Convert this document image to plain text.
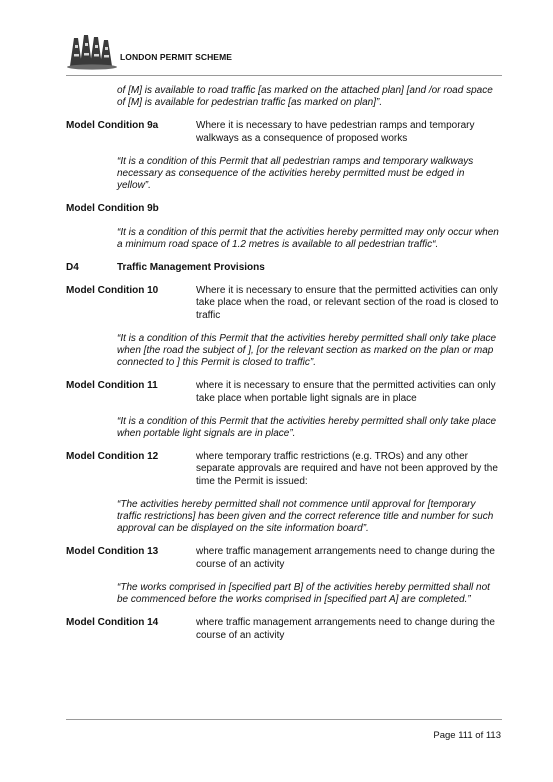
LONDON PERMIT SCHEME
of [M] is available to road traffic [as marked on the attached plan] [and /or road space of [M] is available for pedestrian traffic [as marked on plan]”.
Model Condition 9a	Where it is necessary to have pedestrian ramps and temporary walkways as a consequence of proposed works
“It is a condition of this Permit that all pedestrian ramps and temporary walkways necessary as consequence of the activities hereby permitted must be edged in yellow”.
Model Condition 9b
“It is a condition of this permit that the activities hereby permitted may only occur when a minimum road space of 1.2 metres is available to all pedestrian traffic“.
D4	Traffic Management Provisions
Model Condition 10	Where it is necessary to ensure that the permitted activities can only take place when the road, or relevant section of the road is closed to traffic
“It is a condition of this Permit that the activities hereby permitted shall only take place when [the road the subject of ], [or the relevant section as marked on the plan or map connected to ] this Permit is closed to traffic”.
Model Condition 11	where it is necessary to ensure that the permitted activities can only take place when portable light signals are in place
“It is a condition of this Permit that the activities hereby permitted shall only take place when portable light signals are in place”.
Model Condition 12	where temporary traffic restrictions (e.g. TROs) and any other separate approvals are required and have not been approved by the time the Permit is issued:
“The activities hereby permitted shall not commence until approval for [temporary traffic restrictions] has been given and the correct reference title and number for such approval can be displayed on the site information board”.
Model Condition 13	where traffic management arrangements need to change during the course of an activity
“The works comprised in [specified part B] of the activities hereby permitted shall not be commenced before the works comprised in [specified part A] are completed.”
Model Condition 14	where traffic management arrangements need to change during the course of an activity
Page 111 of 113
